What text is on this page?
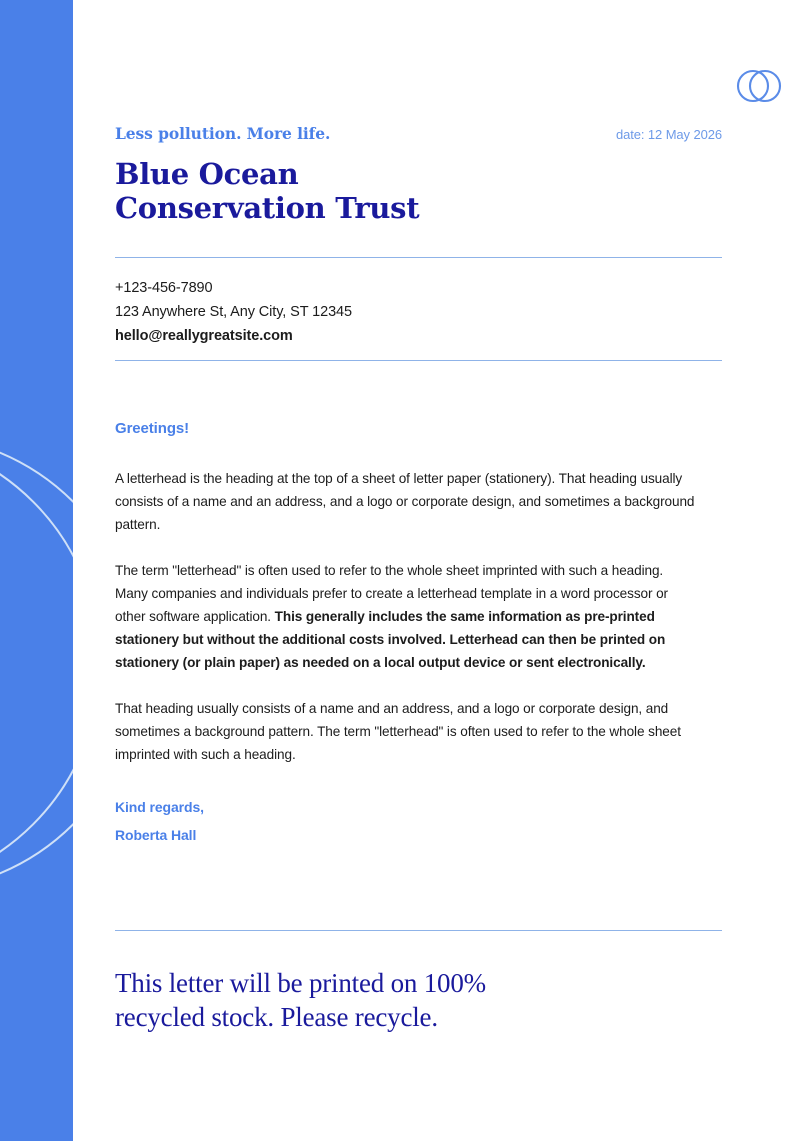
Less pollution. More life.	date: 12 May 2026
Blue Ocean
Conservation Trust
+123-456-7890
123 Anywhere St, Any City, ST 12345
hello@reallygreatsite.com
Greetings!

A letterhead is the heading at the top of a sheet of letter paper (stationery). That heading usually consists of a name and an address, and a logo or corporate design, and sometimes a background pattern.

The term "letterhead" is often used to refer to the whole sheet imprinted with such a heading. Many companies and individuals prefer to create a letterhead template in a word processor or other software application. This generally includes the same information as pre-printed stationery but without the additional costs involved. Letterhead can then be printed on stationery (or plain paper) as needed on a local output device or sent electronically.

That heading usually consists of a name and an address, and a logo or corporate design, and sometimes a background pattern. The term "letterhead" is often used to refer to the whole sheet imprinted with such a heading.

Kind regards,
Roberta Hall
This letter will be printed on 100%
recycled stock. Please recycle.
